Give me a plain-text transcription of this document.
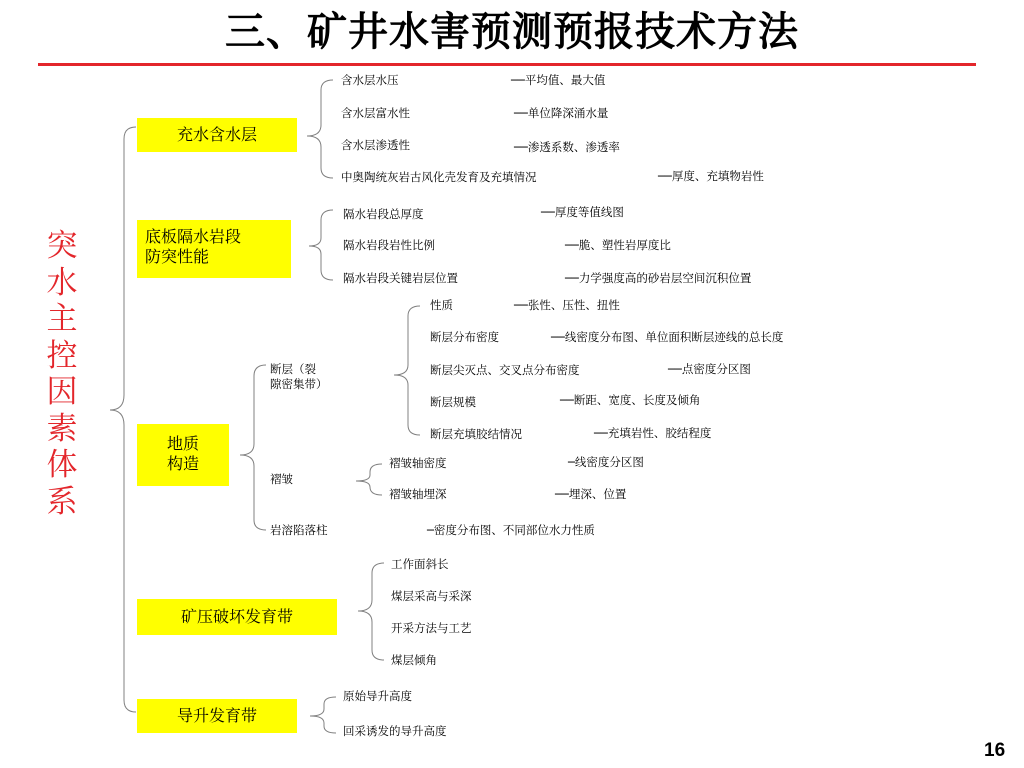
三、矿井水害预测预报技术方法
突
水
主
控
因
素
体
系
充水含水层
底板隔水岩段
防突性能
地质
构造
矿压破坏发育带
导升发育带
含水层水压	──平均值、最大值
含水层富水性	──单位降深涌水量
含水层渗透性	──渗透系数、渗透率
中奥陶统灰岩古风化壳发育及充填情况	──厚度、充填物岩性
隔水岩段总厚度	──厚度等值线图
隔水岩段岩性比例	──脆、塑性岩厚度比
隔水岩段关键岩层位置	──力学强度高的砂岩层空间沉积位置
断层（裂
隙密集带）
性质	──张性、压性、扭性
断层分布密度	──线密度分布图、单位面积断层迹线的总长度
断层尖灭点、交叉点分布密度	──点密度分区图
断层规模	──断距、宽度、长度及倾角
断层充填胶结情况	──充填岩性、胶结程度
褶皱
褶皱轴密度	─线密度分区图
褶皱轴埋深	──埋深、位置
岩溶陷落柱	─密度分布图、不同部位水力性质
工作面斜长
煤层采高与采深
开采方法与工艺
煤层倾角
原始导升高度
回采诱发的导升高度
16
